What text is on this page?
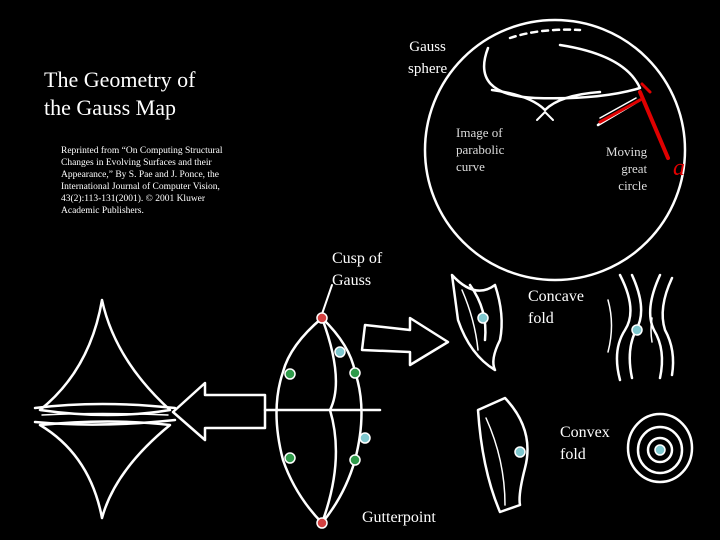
The Geometry of
the Gauss Map
Reprinted from “On Computing Structural Changes in Evolving Surfaces and their Appearance,” By S. Pae and J. Ponce, the International Journal of Computer Vision, 43(2):113-131(2001). © 2001 Kluwer Academic Publishers.
Gauss
sphere
Image of
parabolic
curve
Moving
great
circle
a
Cusp of
Gauss
Concave
fold
Convex
fold
Gutterpoint
